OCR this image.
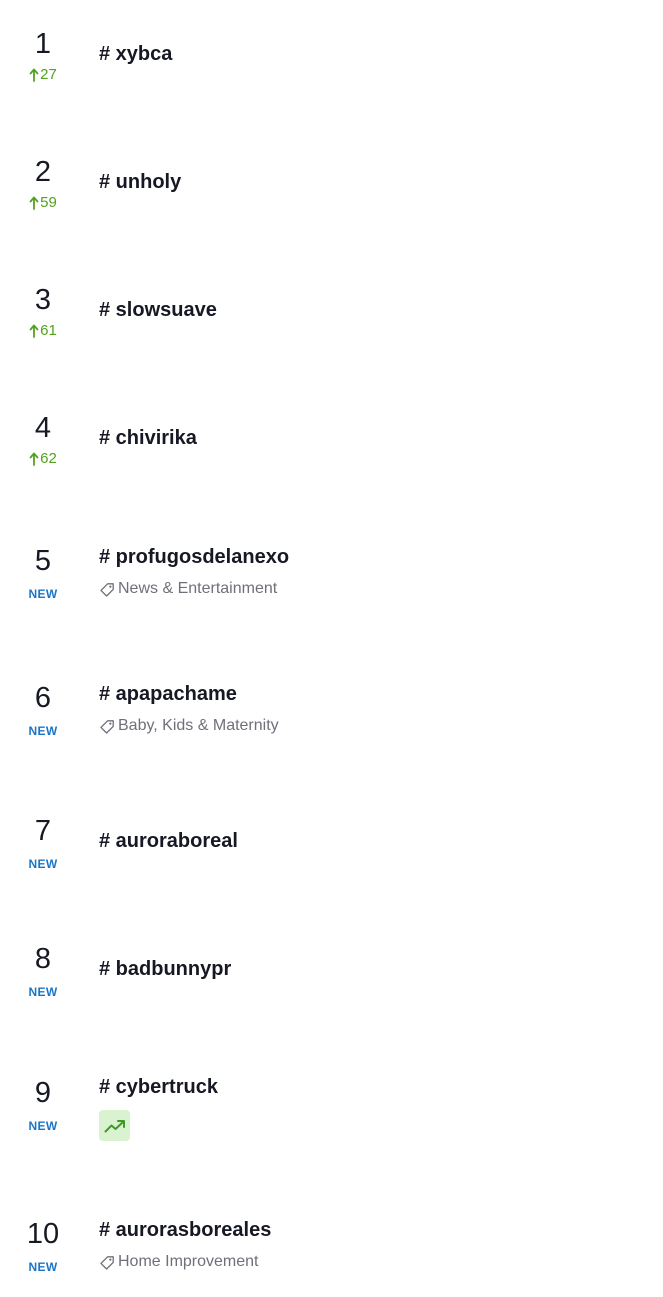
1
27
# xybca
2
59
# unholy
3
61
# slowsuave
4
62
# chivirika
5
NEW
# profugosdelanexo
News & Entertainment
6
NEW
# apapachame
Baby, Kids & Maternity
7
NEW
# auroraboreal
8
NEW
# badbunnypr
9
NEW
# cybertruck
10
NEW
# aurorasboreales
Home Improvement
